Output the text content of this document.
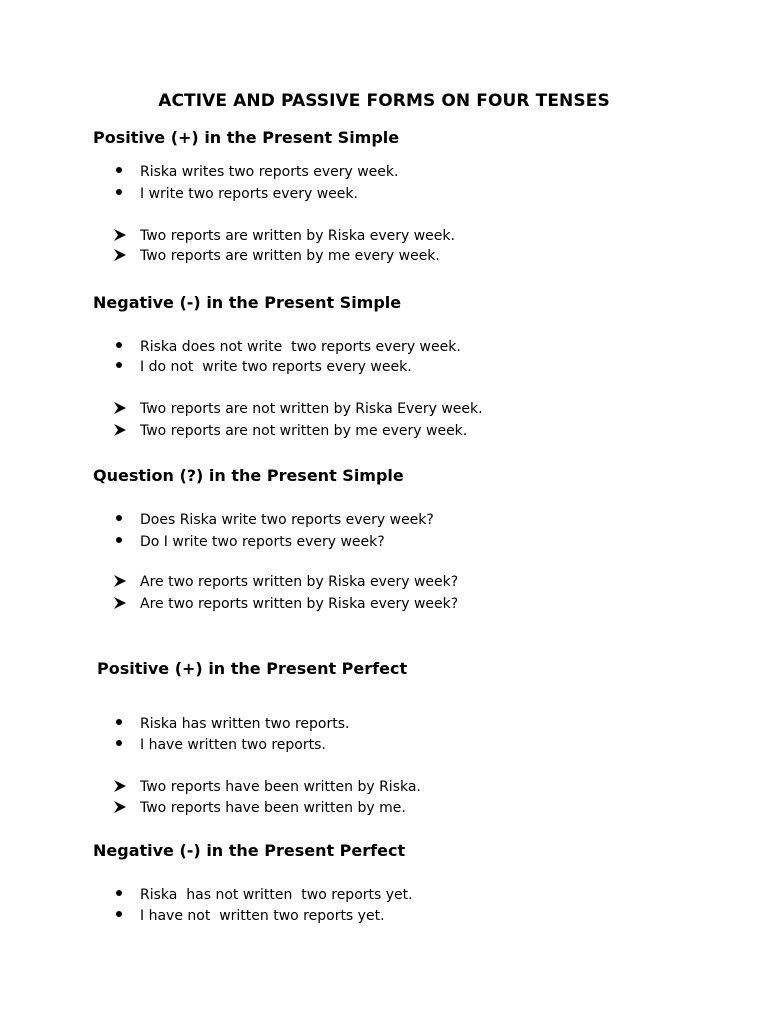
ACTIVE AND PASSIVE FORMS ON FOUR TENSES
Positive (+) in the Present Simple
Riska writes two reports every week.
I write two reports every week.
Two reports are written by Riska every week.
Two reports are written by me every week.
Negative (-) in the Present Simple
Riska does not write  two reports every week.
I do not  write two reports every week.
Two reports are not written by Riska Every week.
Two reports are not written by me every week.
Question (?) in the Present Simple
Does Riska write two reports every week?
Do I write two reports every week?
Are two reports written by Riska every week?
Are two reports written by Riska every week?
Positive (+) in the Present Perfect
Riska has written two reports.
I have written two reports.
Two reports have been written by Riska.
Two reports have been written by me.
Negative (-) in the Present Perfect
Riska  has not written  two reports yet.
I have not  written two reports yet.
